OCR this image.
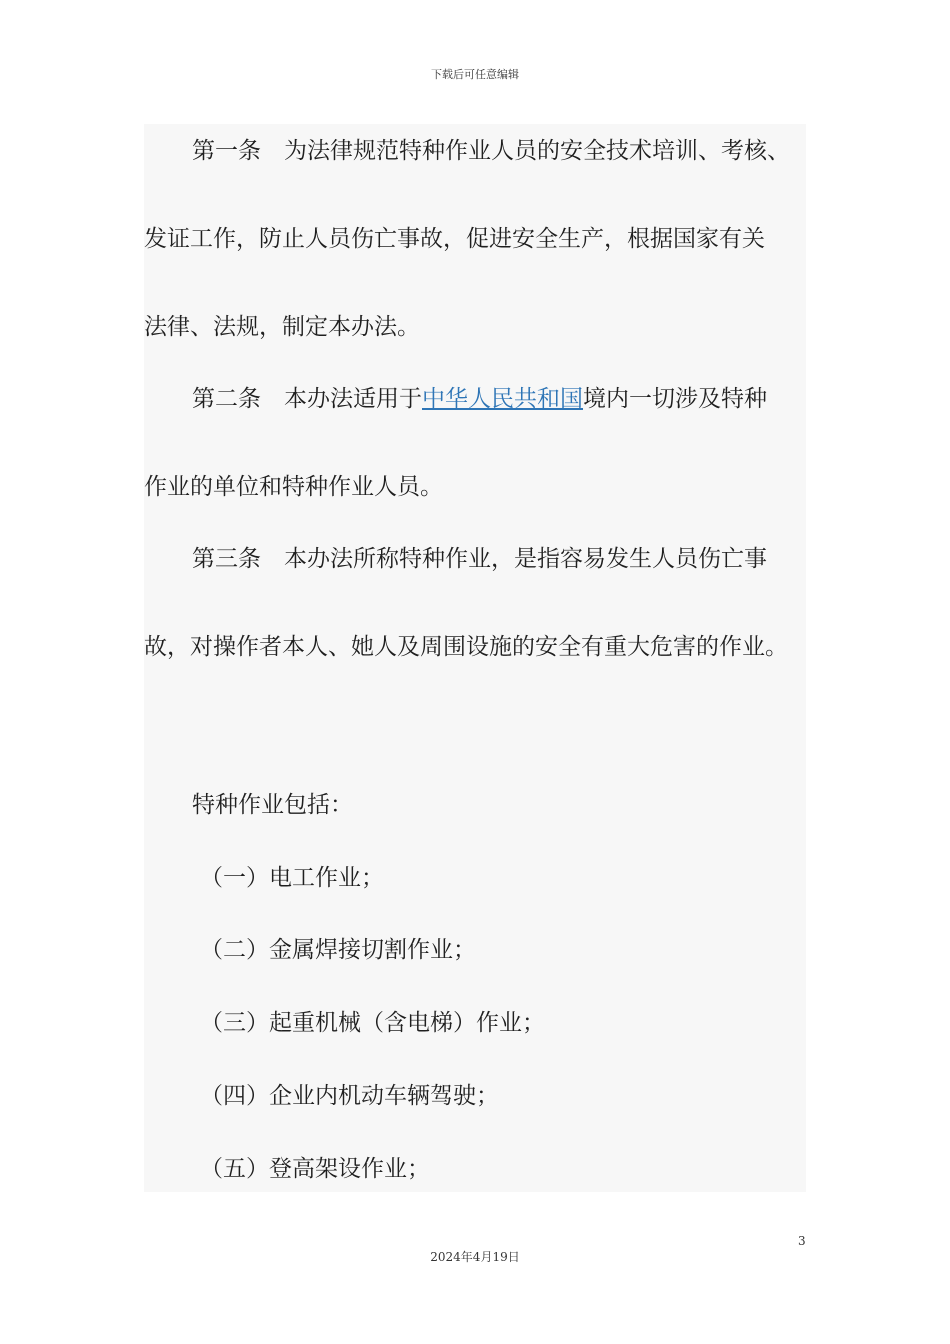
下载后可任意编辑
第一条　为法律规范特种作业人员的安全技术培训、考核、
发证工作，防止人员伤亡事故，促进安全生产，根据国家有关
法律、法规，制定本办法。
第二条　本办法适用于中华人民共和国境内一切涉及特种
作业的单位和特种作业人员。
第三条　本办法所称特种作业，是指容易发生人员伤亡事
故，对操作者本人、她人及周围设施的安全有重大危害的作业。
特种作业包括：
（一）电工作业；
（二）金属焊接切割作业；
（三）起重机械（含电梯）作业；
（四）企业内机动车辆驾驶；
（五）登高架设作业；
3
2024年4月19日
